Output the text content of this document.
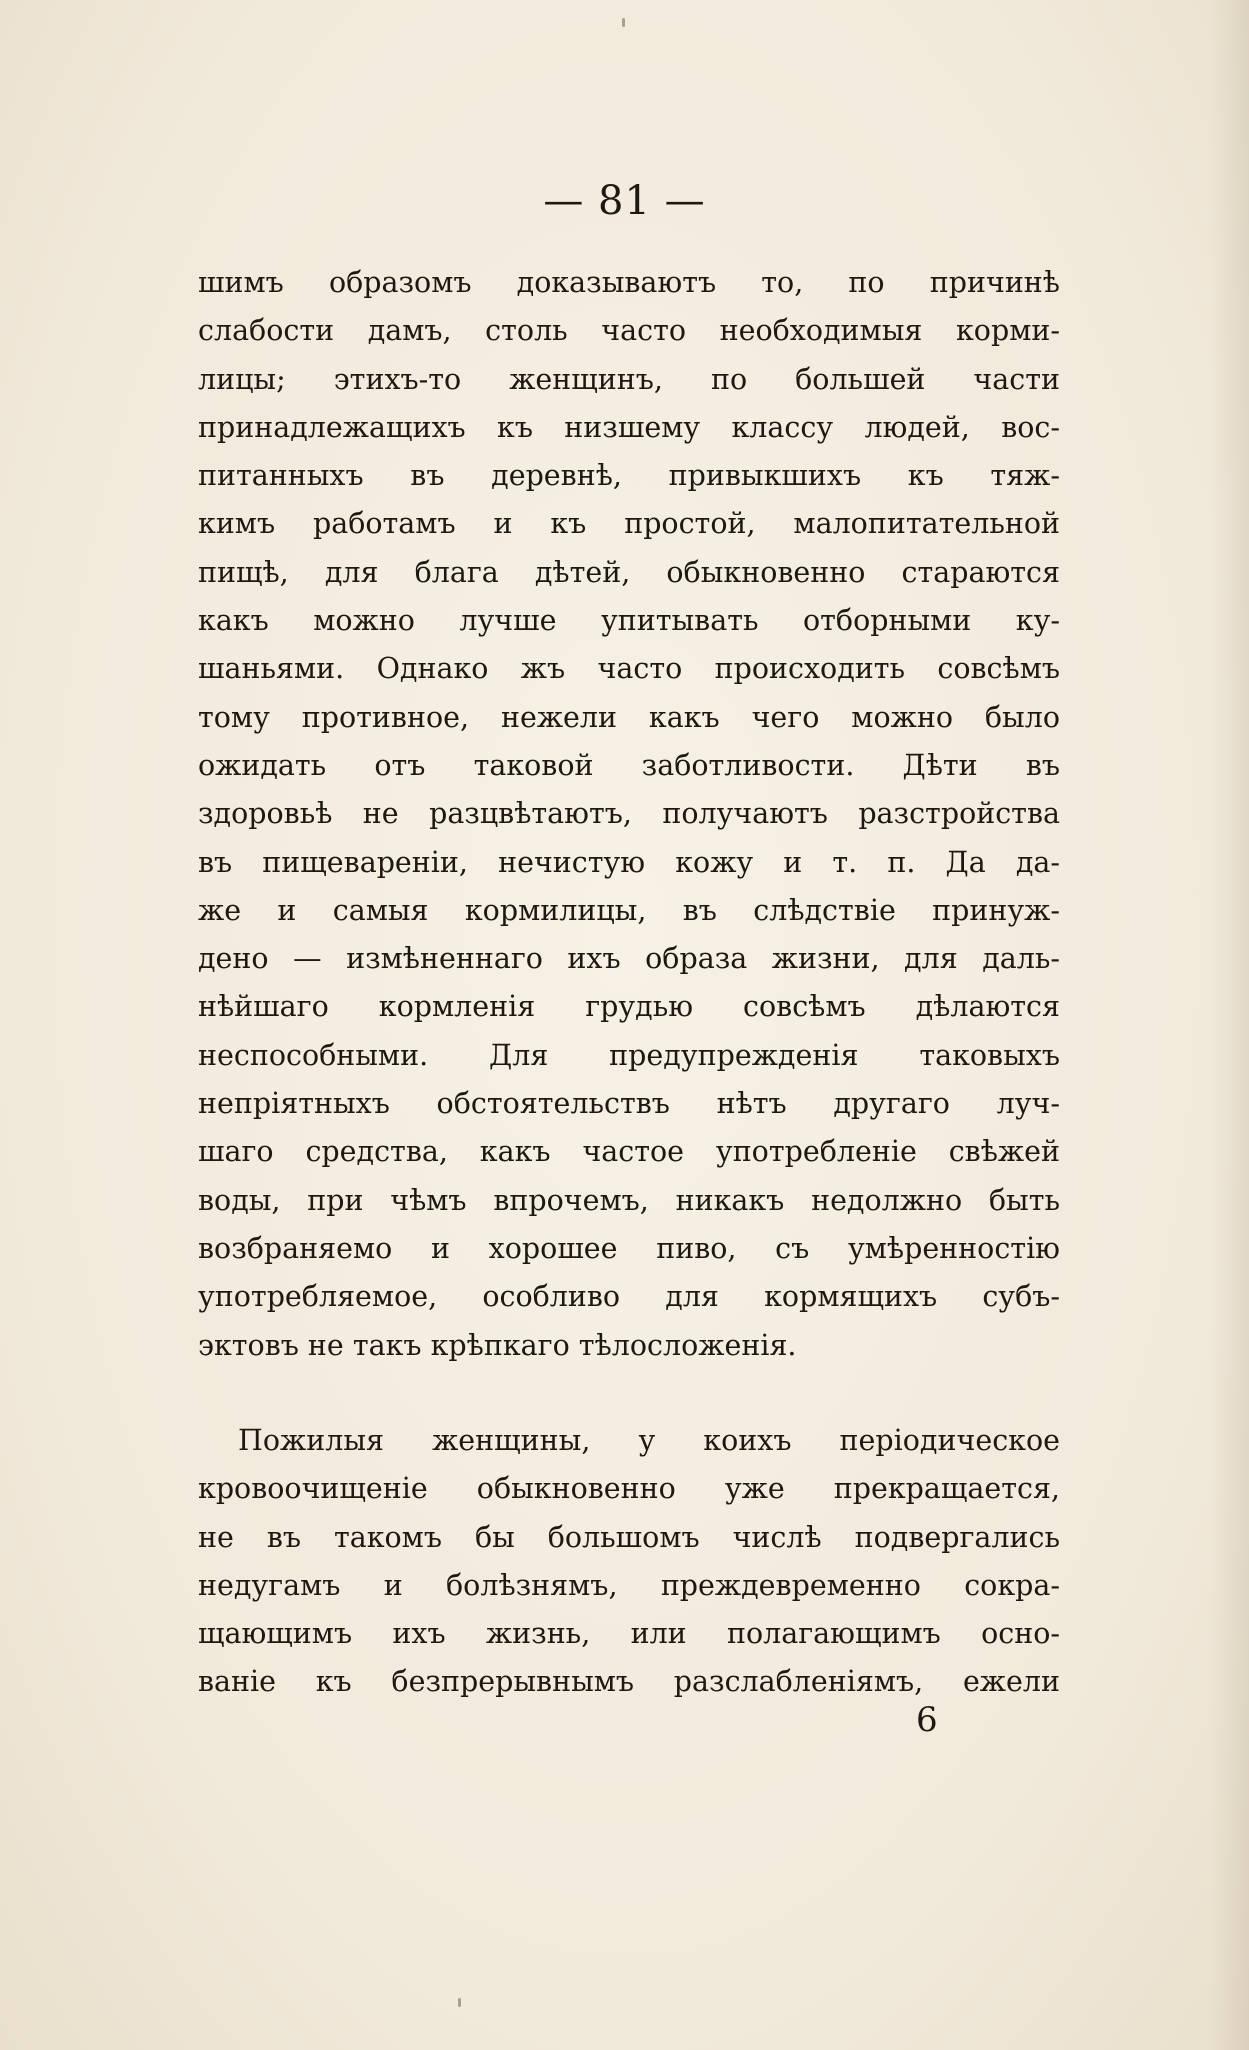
— 81 —
шимъ образомъ доказываютъ то, по причинѣ
слабости дамъ, столь часто необходимыя корми-
лицы; этихъ-то женщинъ, по большей части
принадлежащихъ къ низшему классу людей, вос-
питанныхъ въ деревнѣ, привыкшихъ къ тяж-
кимъ работамъ и къ простой, малопитательной
пищѣ, для блага дѣтей, обыкновенно стараются
какъ можно лучше упитывать отборными ку-
шаньями. Однако жъ часто происходить совсѣмъ
тому противное, нежели какъ чего можно было
ожидать отъ таковой заботливости. Дѣти въ
здоровьѣ не разцвѣтаютъ, получаютъ разстройства
въ пищевареніи, нечистую кожу и т. п. Да да-
же и самыя кормилицы, въ слѣдствіе принуж-
дено — измѣненнаго ихъ образа жизни, для даль-
нѣйшаго кормленія грудью совсѣмъ дѣлаются
неспособными. Для предупрежденія таковыхъ
непріятныхъ обстоятельствъ нѣтъ другаго луч-
шаго средства, какъ частое употребленіе свѣжей
воды, при чѣмъ впрочемъ, никакъ недолжно быть
возбраняемо и хорошее пиво, съ умѣренностію
употребляемое, особливо для кормящихъ субъ-
эктовъ не такъ крѣпкаго тѣлосложенія.
Пожилыя женщины, у коихъ періодическое
кровоочищеніе обыкновенно уже прекращается,
не въ такомъ бы большомъ числѣ подвергались
недугамъ и болѣзнямъ, преждевременно сокра-
щающимъ ихъ жизнь, или полагающимъ осно-
ваніе къ безпрерывнымъ разслабленіямъ, ежели
6
